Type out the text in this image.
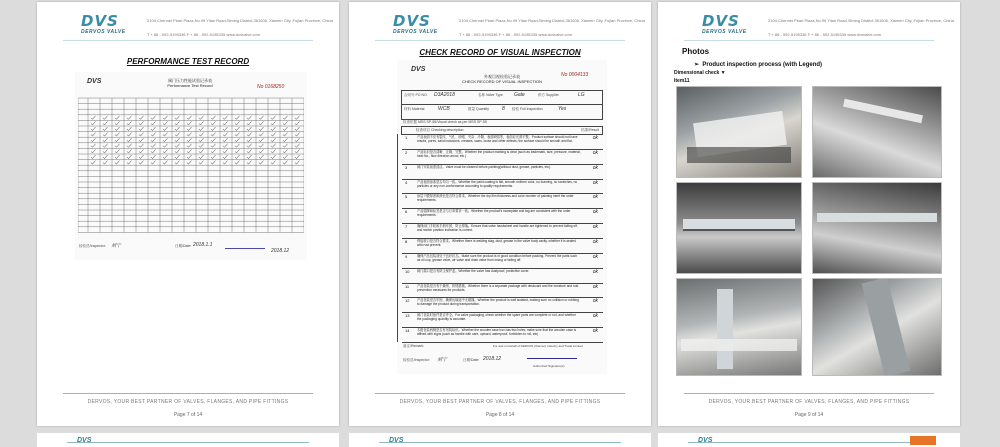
DVS
DERVOS VALVE
2104,Chennel Pearl Plaza,No.99 Yilan Road,Siming District,361006, Xiamen City, Fujian Province, China
T + 86 - 592-5195336 F + 86 - 592-5195335 www.dvsvalve.com
PERFORMANCE TEST RECORD
DVS	阀门压力性能试验记录表
Performance Test Record	No 0168250
检验员/Inspector: 刘宁	日期/Date: 2018.1.1
2018.12
DERVOS, YOUR BEST PARTNER OF VALVES, FLANGES, AND PIPE FITTINGS
Page 7 of 14
DVS
DERVOS VALVE
2104,Chennel Pearl Plaza,No.99 Yilan Road,Siming District,361006, Xiamen City, Fujian Province, China
T + 86 - 592-5195336 F + 86 - 592-5195335 www.dvsvalve.com
CHECK RECORD OF VISUAL INSPECTION
DVS
外观目视检验记录表
CHECK RECORD OF VISUAL INSPECTION
No 0004133
合同号 PO NO. D3A2018	名称 Valve Type Gate	供方 Supplier	LG
材料 Material	WCB	数量 Quantity	8 检验 Full Inspection	Yes
检查依据 MSS SP-55/Visual check as per MSS SP-55
检查项目 Checking description	结果/Result
1	产品表面不应有裂纹、气孔、砂眼、夹杂、冷隔、表面缺陷等，表面应光滑平整。Product surface should not have cracks, pores, sand inclusions, creases, scars, loose and other defects; the surface should be smooth and flat.	ok
2	产品标识是否清晰、正确、完整。Whether the product marking is clear (such as trademark, size, pressure, material, heat No., flow direction arrow, etc.)	ok
3	阀门安装前需清洁。Valve must be cleaned before painting(without dust, grease, particles, etc).	ok
4	产品表面涂漆是否均匀一致。Whether the paint coating is flat, smooth uniform color, no foaming, no scratches, no particles or any non-conformance according to quality requirements.	ok
5	涂层干膜厚度和颜色是否符合要求。Whether the dry film thickness and color number of painting meet the order requirements.	ok
6	产品铭牌和标签是否与订单要求一致。Whether the product's nameplate and tag are consistent with the order requirements.	ok
7	确保阀门手轮和手柄牢固，防止掉落。Ensure that valve handwheel and handle are tightened to prevent falling off, and switch position indication is correct.	ok
8	焊接坡口是否符合要求。Whether there is welding slag, dust, grease in the valve body cavity, whether it is sealed with rust prevent.	ok
9	确保产品包装前处于良好状态。Make sure the product is in good condition before packing. Prevent the parts such as oil cup, grease valve, air valve and drain valve from losing or falling off.	ok
10 阀门端口是否有防尘保护盖。Whether the valve has dustproof, protective cover.	ok
11 产品包装是否有干燥剂、防锈措施。Whether there is a separate package with desiccant and the moisture and rust prevention measures for products.	ok
12 产品包装是否牢固，确保运输途中无碰撞。Whether the product is well isolated, making sure no collision or rubbing to damage the product during transportation.	ok
13 阀门包装时备件是否齐全。For valve packaging, check whether the spare parts are complete or not, and whether the packaging quantity is accurate.	ok
14 木箱包装两侧是否有吊装标识。Whether the wooden case box has two holes; make sure that the wooden case is affixed with signs (such as handle with care, upward, waterproof, forbidden to roll, etc)	ok
备注/Remark:	For and on behalf of DERVOS (Xiamen) Industry and Trade Limited
检验员/Inspector: 刘宁	日期/Date: 2018.12
Authorized Signature(s)
DERVOS, YOUR BEST PARTNER OF VALVES, FLANGES, AND PIPE FITTINGS
Page 8 of 14
DVS
DERVOS VALVE
2104,Chennel Pearl Plaza,No.99 Yilan Road,Siming District,361006, Xiamen City, Fujian Province, China
T + 86 - 592-5195336 F + 86 - 592-5195335 www.dvsvalve.com
Photos
➢ Product inspection process (with Legend)
Dimensional check ▼
Item11
DERVOS, YOUR BEST PARTNER OF VALVES, FLANGES, AND PIPE FITTINGS
Page 9 of 14
DVS	DVS	DVS
